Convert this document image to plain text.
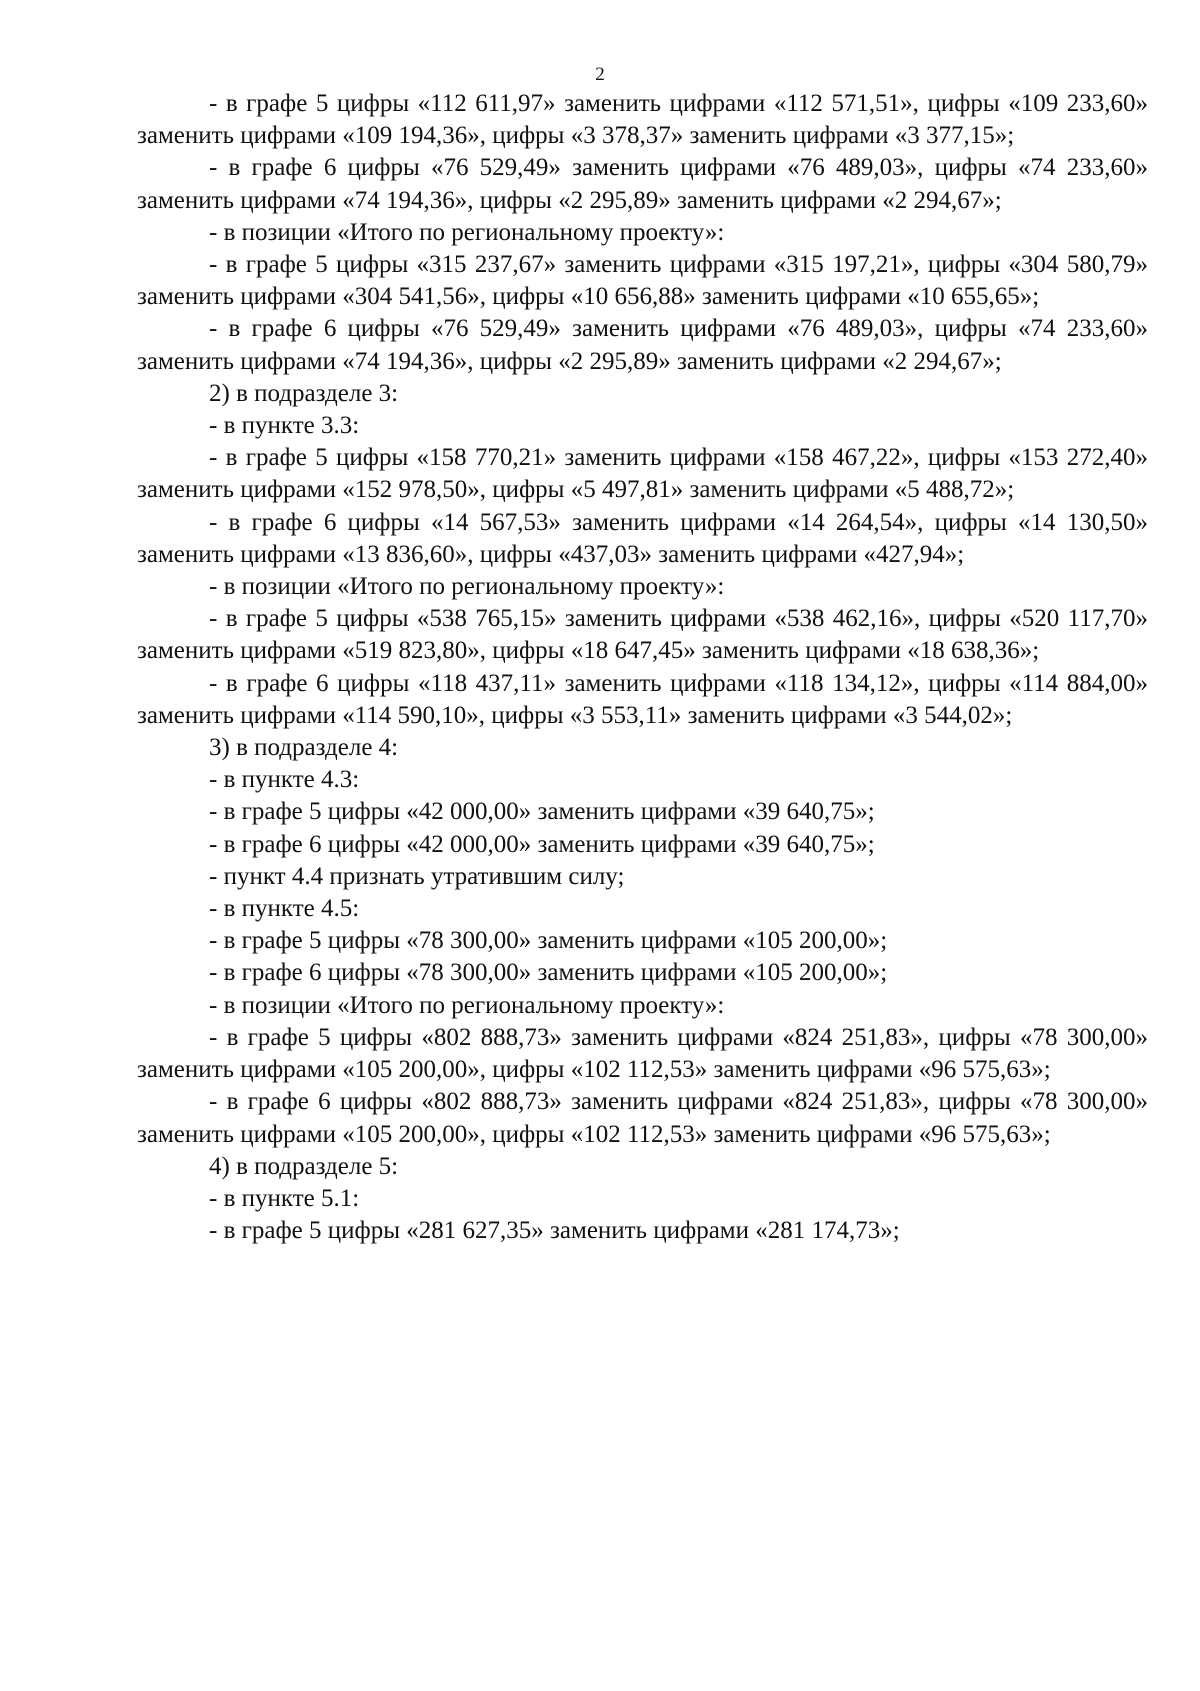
2

- в графе 5 цифры «112 611,97» заменить цифрами «112 571,51», цифры «109 233,60» заменить цифрами «109 194,36», цифры «3 378,37» заменить цифрами «3 377,15»;

- в графе 6 цифры «76 529,49» заменить цифрами «76 489,03», цифры «74 233,60» заменить цифрами «74 194,36», цифры «2 295,89» заменить цифрами «2 294,67»;

- в позиции «Итого по региональному проекту»:

- в графе 5 цифры «315 237,67» заменить цифрами «315 197,21», цифры «304 580,79» заменить цифрами «304 541,56», цифры «10 656,88» заменить цифрами «10 655,65»;

- в графе 6 цифры «76 529,49» заменить цифрами «76 489,03», цифры «74 233,60» заменить цифрами «74 194,36», цифры «2 295,89» заменить цифрами «2 294,67»;

2) в подразделе 3:

- в пункте 3.3:

- в графе 5 цифры «158 770,21» заменить цифрами «158 467,22», цифры «153 272,40» заменить цифрами «152 978,50», цифры «5 497,81» заменить цифрами «5 488,72»;

- в графе 6 цифры «14 567,53» заменить цифрами «14 264,54», цифры «14 130,50» заменить цифрами «13 836,60», цифры «437,03» заменить цифрами «427,94»;

- в позиции «Итого по региональному проекту»:

- в графе 5 цифры «538 765,15» заменить цифрами «538 462,16», цифры «520 117,70» заменить цифрами «519 823,80», цифры «18 647,45» заменить цифрами «18 638,36»;

- в графе 6 цифры «118 437,11» заменить цифрами «118 134,12», цифры «114 884,00» заменить цифрами «114 590,10», цифры «3 553,11» заменить цифрами «3 544,02»;

3) в подразделе 4:

- в пункте 4.3:

- в графе 5 цифры «42 000,00» заменить цифрами «39 640,75»;

- в графе 6 цифры «42 000,00» заменить цифрами «39 640,75»;

- пункт 4.4 признать утратившим силу;

- в пункте 4.5:

- в графе 5 цифры «78 300,00» заменить цифрами «105 200,00»;

- в графе 6 цифры «78 300,00» заменить цифрами «105 200,00»;

- в позиции «Итого по региональному проекту»:

- в графе 5 цифры «802 888,73» заменить цифрами «824 251,83», цифры «78 300,00» заменить цифрами «105 200,00», цифры «102 112,53» заменить цифрами «96 575,63»;

- в графе 6 цифры «802 888,73» заменить цифрами «824 251,83», цифры «78 300,00» заменить цифрами «105 200,00», цифры «102 112,53» заменить цифрами «96 575,63»;

4) в подразделе 5:

- в пункте 5.1:

- в графе 5 цифры «281 627,35» заменить цифрами «281 174,73»;
